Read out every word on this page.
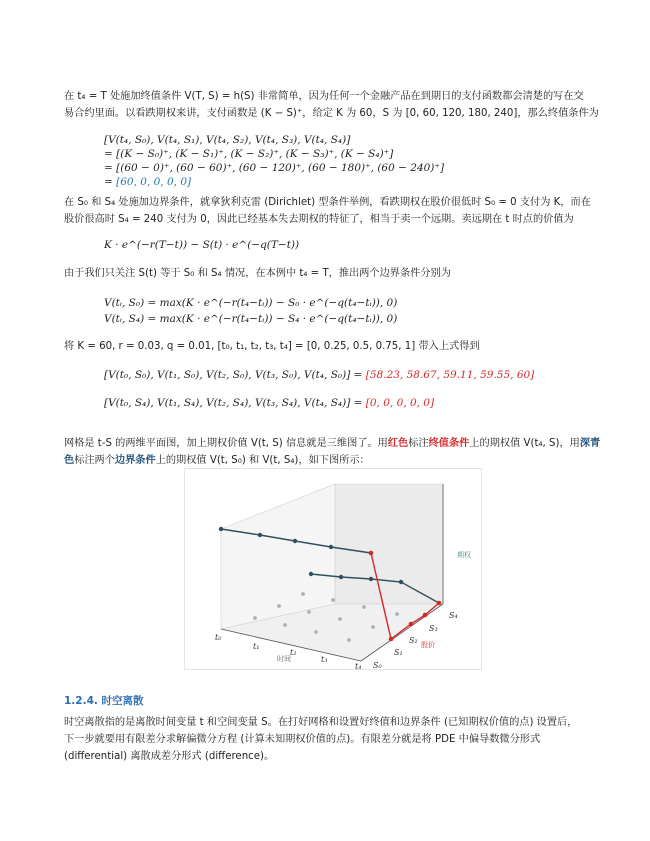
在 t₄ = T 处施加终值条件 V(T, S) = h(S) 非常简单，因为任何一个金融产品在到期日的支付函数都会清楚的写在交
易合约里面。以看跌期权来讲，支付函数是 (K − S)⁺，给定 K 为 60，S 为 [0, 60, 120, 180, 240]，那么终值条件为
[V(t₄, S₀), V(t₄, S₁), V(t₄, S₂), V(t₄, S₃), V(t₄, S₄)]
= [(K − S₀)⁺, (K − S₁)⁺, (K − S₂)⁺, (K − S₃)⁺, (K − S₄)⁺]
= [(60 − 0)⁺, (60 − 60)⁺, (60 − 120)⁺, (60 − 180)⁺, (60 − 240)⁺]
= [60, 0, 0, 0, 0]
在 S₀ 和 S₄ 处施加边界条件，就拿狄利克雷 (Dirichlet) 型条件举例，看跌期权在股价很低时 S₀ = 0 支付为 K，而在
股价很高时 S₄ = 240 支付为 0，因此已经基本失去期权的特征了，相当于卖一个远期。卖远期在 t 时点的价值为
K · e^(−r(T−t)) − S(t) · e^(−q(T−t))
由于我们只关注 S(t) 等于 S₀ 和 S₄ 情况，在本例中 t₄ = T，推出两个边界条件分别为
V(tᵢ, S₀) = max(K · e^(−r(t₄−tᵢ)) − S₀ · e^(−q(t₄−tᵢ)), 0)
V(tᵢ, S₄) = max(K · e^(−r(t₄−tᵢ)) − S₄ · e^(−q(t₄−tᵢ)), 0)
将 K = 60, r = 0.03, q = 0.01, [t₀, t₁, t₂, t₃, t₄] = [0, 0.25, 0.5, 0.75, 1] 带入上式得到
[V(t₀, S₀), V(t₁, S₀), V(t₂, S₀), V(t₃, S₀), V(t₄, S₀)] = [58.23, 58.67, 59.11, 59.55, 60]
[V(t₀, S₄), V(t₁, S₄), V(t₂, S₄), V(t₃, S₄), V(t₄, S₄)] = [0, 0, 0, 0, 0]
网格是 t-S 的两维平面图，加上期权价值 V(t, S) 信息就是三维图了。用红色标注终值条件上的期权值 V(t₄, S)，用深青色标注两个边界条件上的期权值 V(t, S₀) 和 V(t, S₄)，如下图所示：
t₀
t₁
t₂
t₃
t₄
时间
S₀
S₁
S₂
S₃
S₄
股价
期权
1.2.4. 时空离散
时空离散指的是离散时间变量 t 和空间变量 S。在打好网格和设置好终值和边界条件 (已知期权价值的点) 设置后，
下一步就要用有限差分求解偏微分方程 (计算未知期权价值的点)。有限差分就是将 PDE 中偏导数微分形式
(differential) 离散成差分形式 (difference)。
